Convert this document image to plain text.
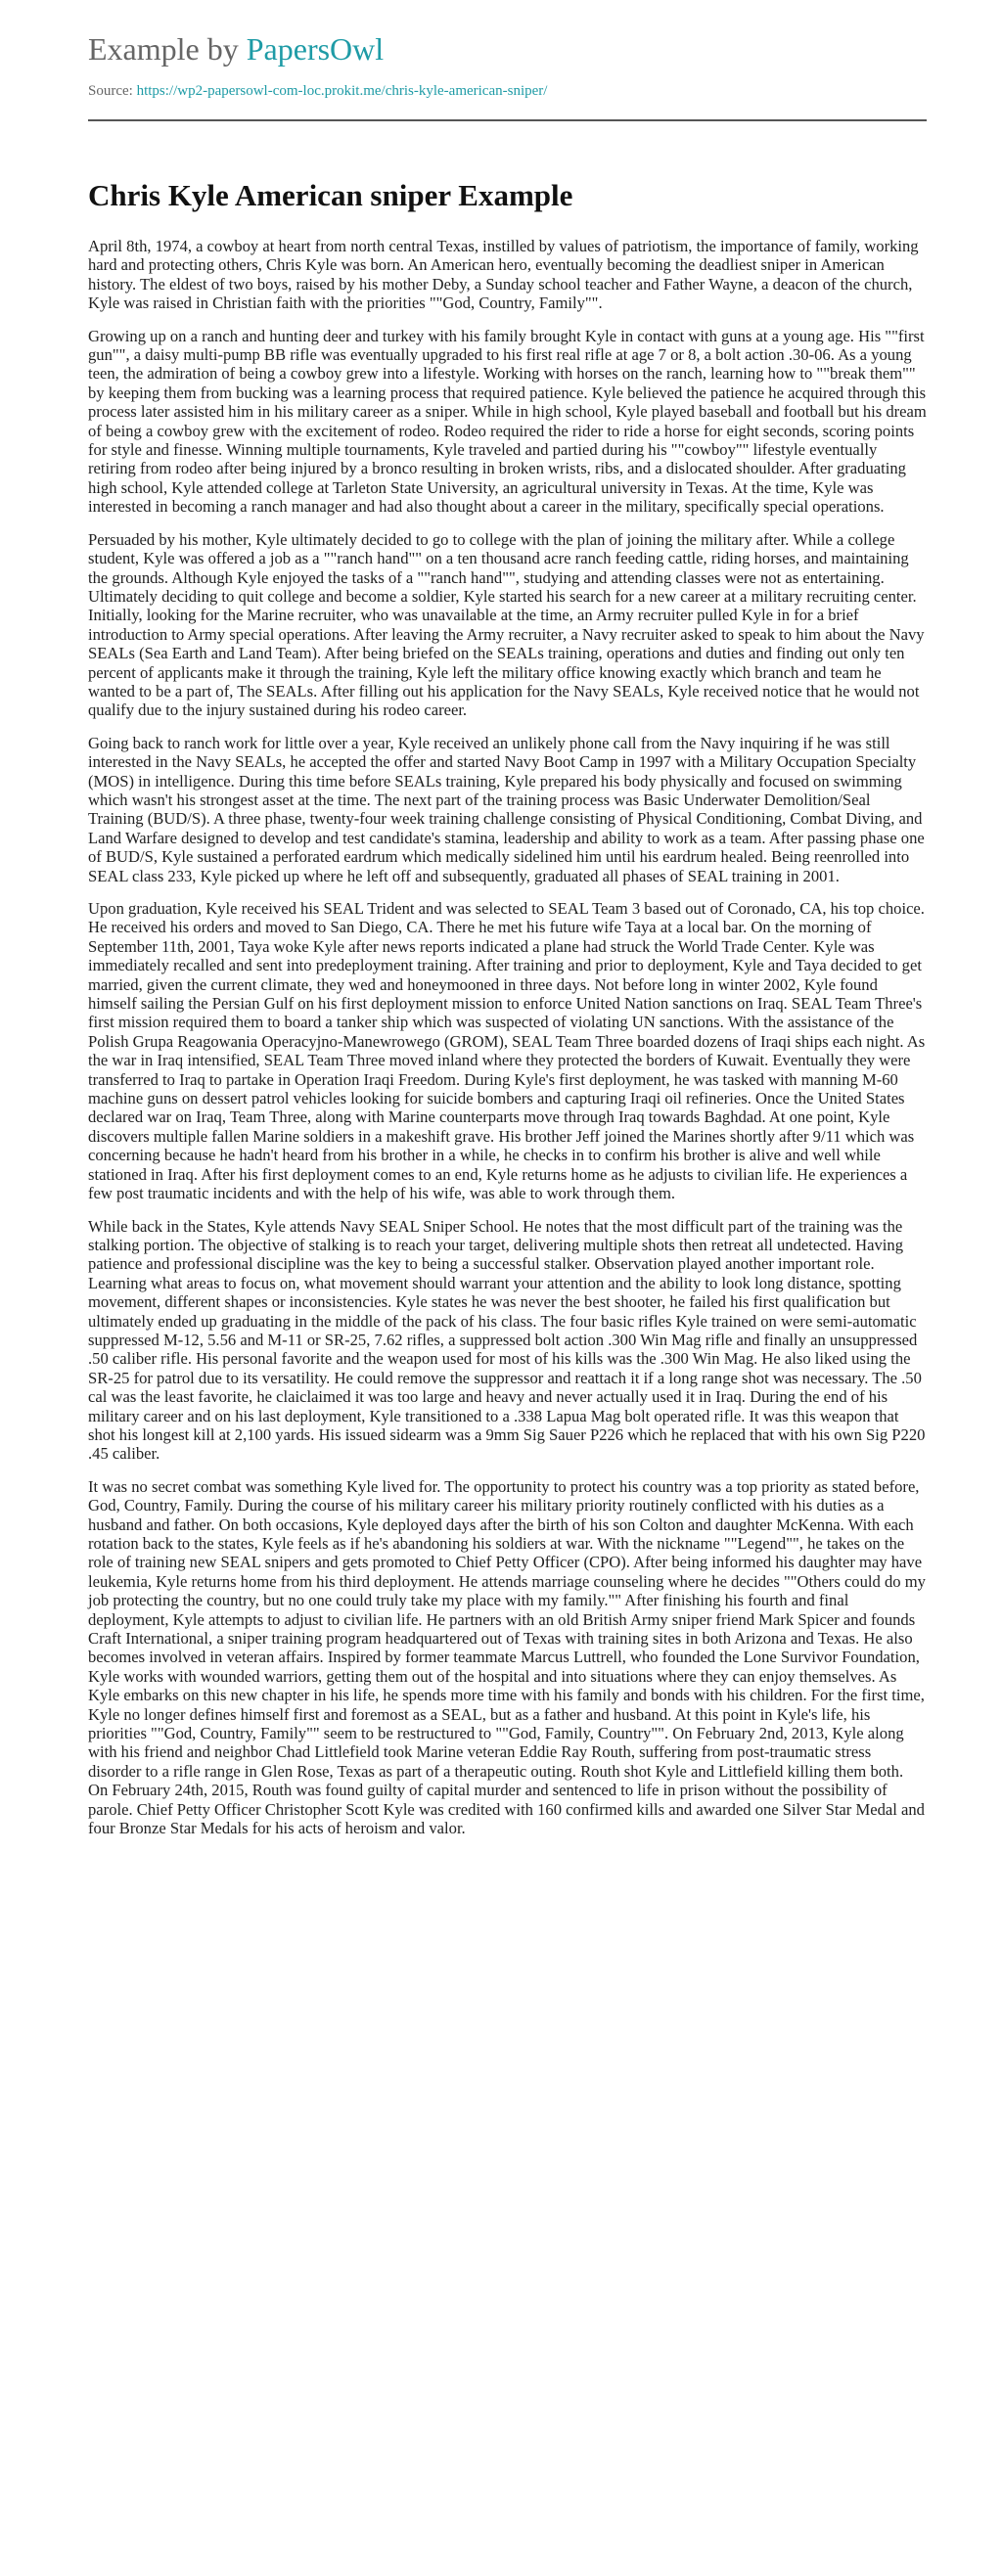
Example by PapersOwl
Source: https://wp2-papersowl-com-loc.prokit.me/chris-kyle-american-sniper/
Chris Kyle American sniper Example

April 8th, 1974, a cowboy at heart from north central Texas, instilled by values of patriotism, the importance of family, working hard and protecting others, Chris Kyle was born. An American hero, eventually becoming the deadliest sniper in American history. The eldest of two boys, raised by his mother Deby, a Sunday school teacher and Father Wayne, a deacon of the church, Kyle was raised in Christian faith with the priorities ""God, Country, Family"".

Growing up on a ranch and hunting deer and turkey with his family brought Kyle in contact with guns at a young age. His ""first gun"", a daisy multi-pump BB rifle was eventually upgraded to his first real rifle at age 7 or 8, a bolt action .30-06. As a young teen, the admiration of being a cowboy grew into a lifestyle. Working with horses on the ranch, learning how to ""break them"" by keeping them from bucking was a learning process that required patience. Kyle believed the patience he acquired through this process later assisted him in his military career as a sniper. While in high school, Kyle played baseball and football but his dream of being a cowboy grew with the excitement of rodeo. Rodeo required the rider to ride a horse for eight seconds, scoring points for style and finesse. Winning multiple tournaments, Kyle traveled and partied during his ""cowboy"" lifestyle eventually retiring from rodeo after being injured by a bronco resulting in broken wrists, ribs, and a dislocated shoulder. After graduating high school, Kyle attended college at Tarleton State University, an agricultural university in Texas. At the time, Kyle was interested in becoming a ranch manager and had also thought about a career in the military, specifically special operations.

Persuaded by his mother, Kyle ultimately decided to go to college with the plan of joining the military after. While a college student, Kyle was offered a job as a ""ranch hand"" on a ten thousand acre ranch feeding cattle, riding horses, and maintaining the grounds. Although Kyle enjoyed the tasks of a ""ranch hand"", studying and attending classes were not as entertaining. Ultimately deciding to quit college and become a soldier, Kyle started his search for a new career at a military recruiting center. Initially, looking for the Marine recruiter, who was unavailable at the time, an Army recruiter pulled Kyle in for a brief introduction to Army special operations. After leaving the Army recruiter, a Navy recruiter asked to speak to him about the Navy SEALs (Sea Earth and Land Team). After being briefed on the SEALs training, operations and duties and finding out only ten percent of applicants make it through the training, Kyle left the military office knowing exactly which branch and team he wanted to be a part of, The SEALs. After filling out his application for the Navy SEALs, Kyle received notice that he would not qualify due to the injury sustained during his rodeo career.

Going back to ranch work for little over a year, Kyle received an unlikely phone call from the Navy inquiring if he was still interested in the Navy SEALs, he accepted the offer and started Navy Boot Camp in 1997 with a Military Occupation Specialty (MOS) in intelligence. During this time before SEALs training, Kyle prepared his body physically and focused on swimming which wasn't his strongest asset at the time. The next part of the training process was Basic Underwater Demolition/Seal Training (BUD/S). A three phase, twenty-four week training challenge consisting of Physical Conditioning, Combat Diving, and Land Warfare designed to develop and test candidate's stamina, leadership and ability to work as a team. After passing phase one of BUD/S, Kyle sustained a perforated eardrum which medically sidelined him until his eardrum healed. Being reenrolled into SEAL class 233, Kyle picked up where he left off and subsequently, graduated all phases of SEAL training in 2001.

Upon graduation, Kyle received his SEAL Trident and was selected to SEAL Team 3 based out of Coronado, CA, his top choice. He received his orders and moved to San Diego, CA. There he met his future wife Taya at a local bar. On the morning of September 11th, 2001, Taya woke Kyle after news reports indicated a plane had struck the World Trade Center. Kyle was immediately recalled and sent into predeployment training. After training and prior to deployment, Kyle and Taya decided to get married, given the current climate, they wed and honeymooned in three days. Not before long in winter 2002, Kyle found himself sailing the Persian Gulf on his first deployment mission to enforce United Nation sanctions on Iraq. SEAL Team Three's first mission required them to board a tanker ship which was suspected of violating UN sanctions. With the assistance of the Polish Grupa Reagowania Operacyjno-Manewrowego (GROM), SEAL Team Three boarded dozens of Iraqi ships each night. As the war in Iraq intensified, SEAL Team Three moved inland where they protected the borders of Kuwait. Eventually they were transferred to Iraq to partake in Operation Iraqi Freedom. During Kyle's first deployment, he was tasked with manning M-60 machine guns on dessert patrol vehicles looking for suicide bombers and capturing Iraqi oil refineries. Once the United States declared war on Iraq, Team Three, along with Marine counterparts move through Iraq towards Baghdad. At one point, Kyle discovers multiple fallen Marine soldiers in a makeshift grave. His brother Jeff joined the Marines shortly after 9/11 which was concerning because he hadn't heard from his brother in a while, he checks in to confirm his brother is alive and well while stationed in Iraq. After his first deployment comes to an end, Kyle returns home as he adjusts to civilian life. He experiences a few post traumatic incidents and with the help of his wife, was able to work through them.

While back in the States, Kyle attends Navy SEAL Sniper School. He notes that the most difficult part of the training was the stalking portion. The objective of stalking is to reach your target, delivering multiple shots then retreat all undetected. Having patience and professional discipline was the key to being a successful stalker. Observation played another important role. Learning what areas to focus on, what movement should warrant your attention and the ability to look long distance, spotting movement, different shapes or inconsistencies. Kyle states he was never the best shooter, he failed his first qualification but ultimately ended up graduating in the middle of the pack of his class. The four basic rifles Kyle trained on were semi-automatic suppressed M-12, 5.56 and M-11 or SR-25, 7.62 rifles, a suppressed bolt action .300 Win Mag rifle and finally an unsuppressed .50 caliber rifle. His personal favorite and the weapon used for most of his kills was the .300 Win Mag. He also liked using the SR-25 for patrol due to its versatility. He could remove the suppressor and reattach it if a long range shot was necessary. The .50 cal was the least favorite, he claiclaimed it was too large and heavy and never actually used it in Iraq. During the end of his military career and on his last deployment, Kyle transitioned to a .338 Lapua Mag bolt operated rifle. It was this weapon that shot his longest kill at 2,100 yards. His issued sidearm was a 9mm Sig Sauer P226 which he replaced that with his own Sig P220 .45 caliber.

It was no secret combat was something Kyle lived for. The opportunity to protect his country was a top priority as stated before, God, Country, Family. During the course of his military career his military priority routinely conflicted with his duties as a husband and father. On both occasions, Kyle deployed days after the birth of his son Colton and daughter McKenna. With each rotation back to the states, Kyle feels as if he's abandoning his soldiers at war. With the nickname ""Legend"", he takes on the role of training new SEAL snipers and gets promoted to Chief Petty Officer (CPO). After being informed his daughter may have leukemia, Kyle returns home from his third deployment. He attends marriage counseling where he decides ""Others could do my job protecting the country, but no one could truly take my place with my family."" After finishing his fourth and final deployment, Kyle attempts to adjust to civilian life. He partners with an old British Army sniper friend Mark Spicer and founds Craft International, a sniper training program headquartered out of Texas with training sites in both Arizona and Texas. He also becomes involved in veteran affairs. Inspired by former teammate Marcus Luttrell, who founded the Lone Survivor Foundation, Kyle works with wounded warriors, getting them out of the hospital and into situations where they can enjoy themselves. As Kyle embarks on this new chapter in his life, he spends more time with his family and bonds with his children. For the first time, Kyle no longer defines himself first and foremost as a SEAL, but as a father and husband. At this point in Kyle's life, his priorities ""God, Country, Family"" seem to be restructured to ""God, Family, Country"". On February 2nd, 2013, Kyle along with his friend and neighbor Chad Littlefield took Marine veteran Eddie Ray Routh, suffering from post-traumatic stress disorder to a rifle range in Glen Rose, Texas as part of a therapeutic outing. Routh shot Kyle and Littlefield killing them both. On February 24th, 2015, Routh was found guilty of capital murder and sentenced to life in prison without the possibility of parole. Chief Petty Officer Christopher Scott Kyle was credited with 160 confirmed kills and awarded one Silver Star Medal and four Bronze Star Medals for his acts of heroism and valor.
